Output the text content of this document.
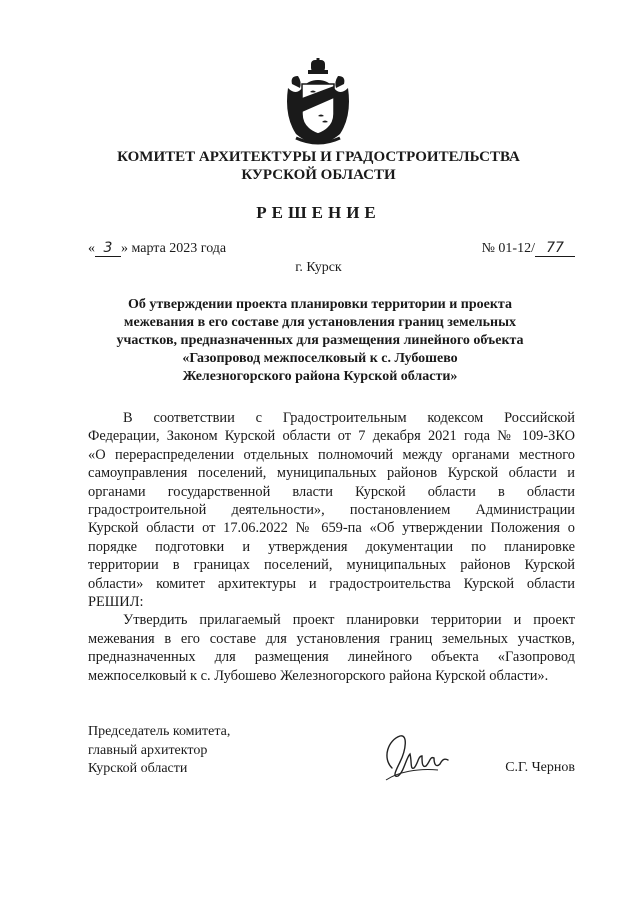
КОМИТЕТ АРХИТЕКТУРЫ И ГРАДОСТРОИТЕЛЬСТВА
КУРСКОЙ ОБЛАСТИ
РЕШЕНИЕ
« 3 » марта 2023 года	№ 01-12/ 77
г. Курск
Об утверждении проекта планировки территории и проекта
межевания в его составе для установления границ земельных
участков, предназначенных для размещения линейного объекта
«Газопровод межпоселковый к с. Лубошево
Железногорского района Курской области»
В соответствии с Градостроительным кодексом Российской
Федерации, Законом Курской области от 7 декабря 2021 года № 109-ЗКО
«О перераспределении отдельных полномочий между органами местного
самоуправления поселений, муниципальных районов Курской области и
органами государственной власти Курской области в области
градостроительной деятельности», постановлением Администрации
Курской области от 17.06.2022 № 659-па «Об утверждении Положения о
порядке подготовки и утверждения документации по планировке
территории в границах поселений, муниципальных районов Курской
области» комитет архитектуры и градостроительства Курской области
РЕШИЛ:
Утвердить прилагаемый проект планировки территории и проект
межевания в его составе для установления границ земельных участков,
предназначенных для размещения линейного объекта «Газопровод
межпоселковый к с. Лубошево Железногорского района Курской области».
Председатель комитета,
главный архитектор
Курской области	С.Г. Чернов
